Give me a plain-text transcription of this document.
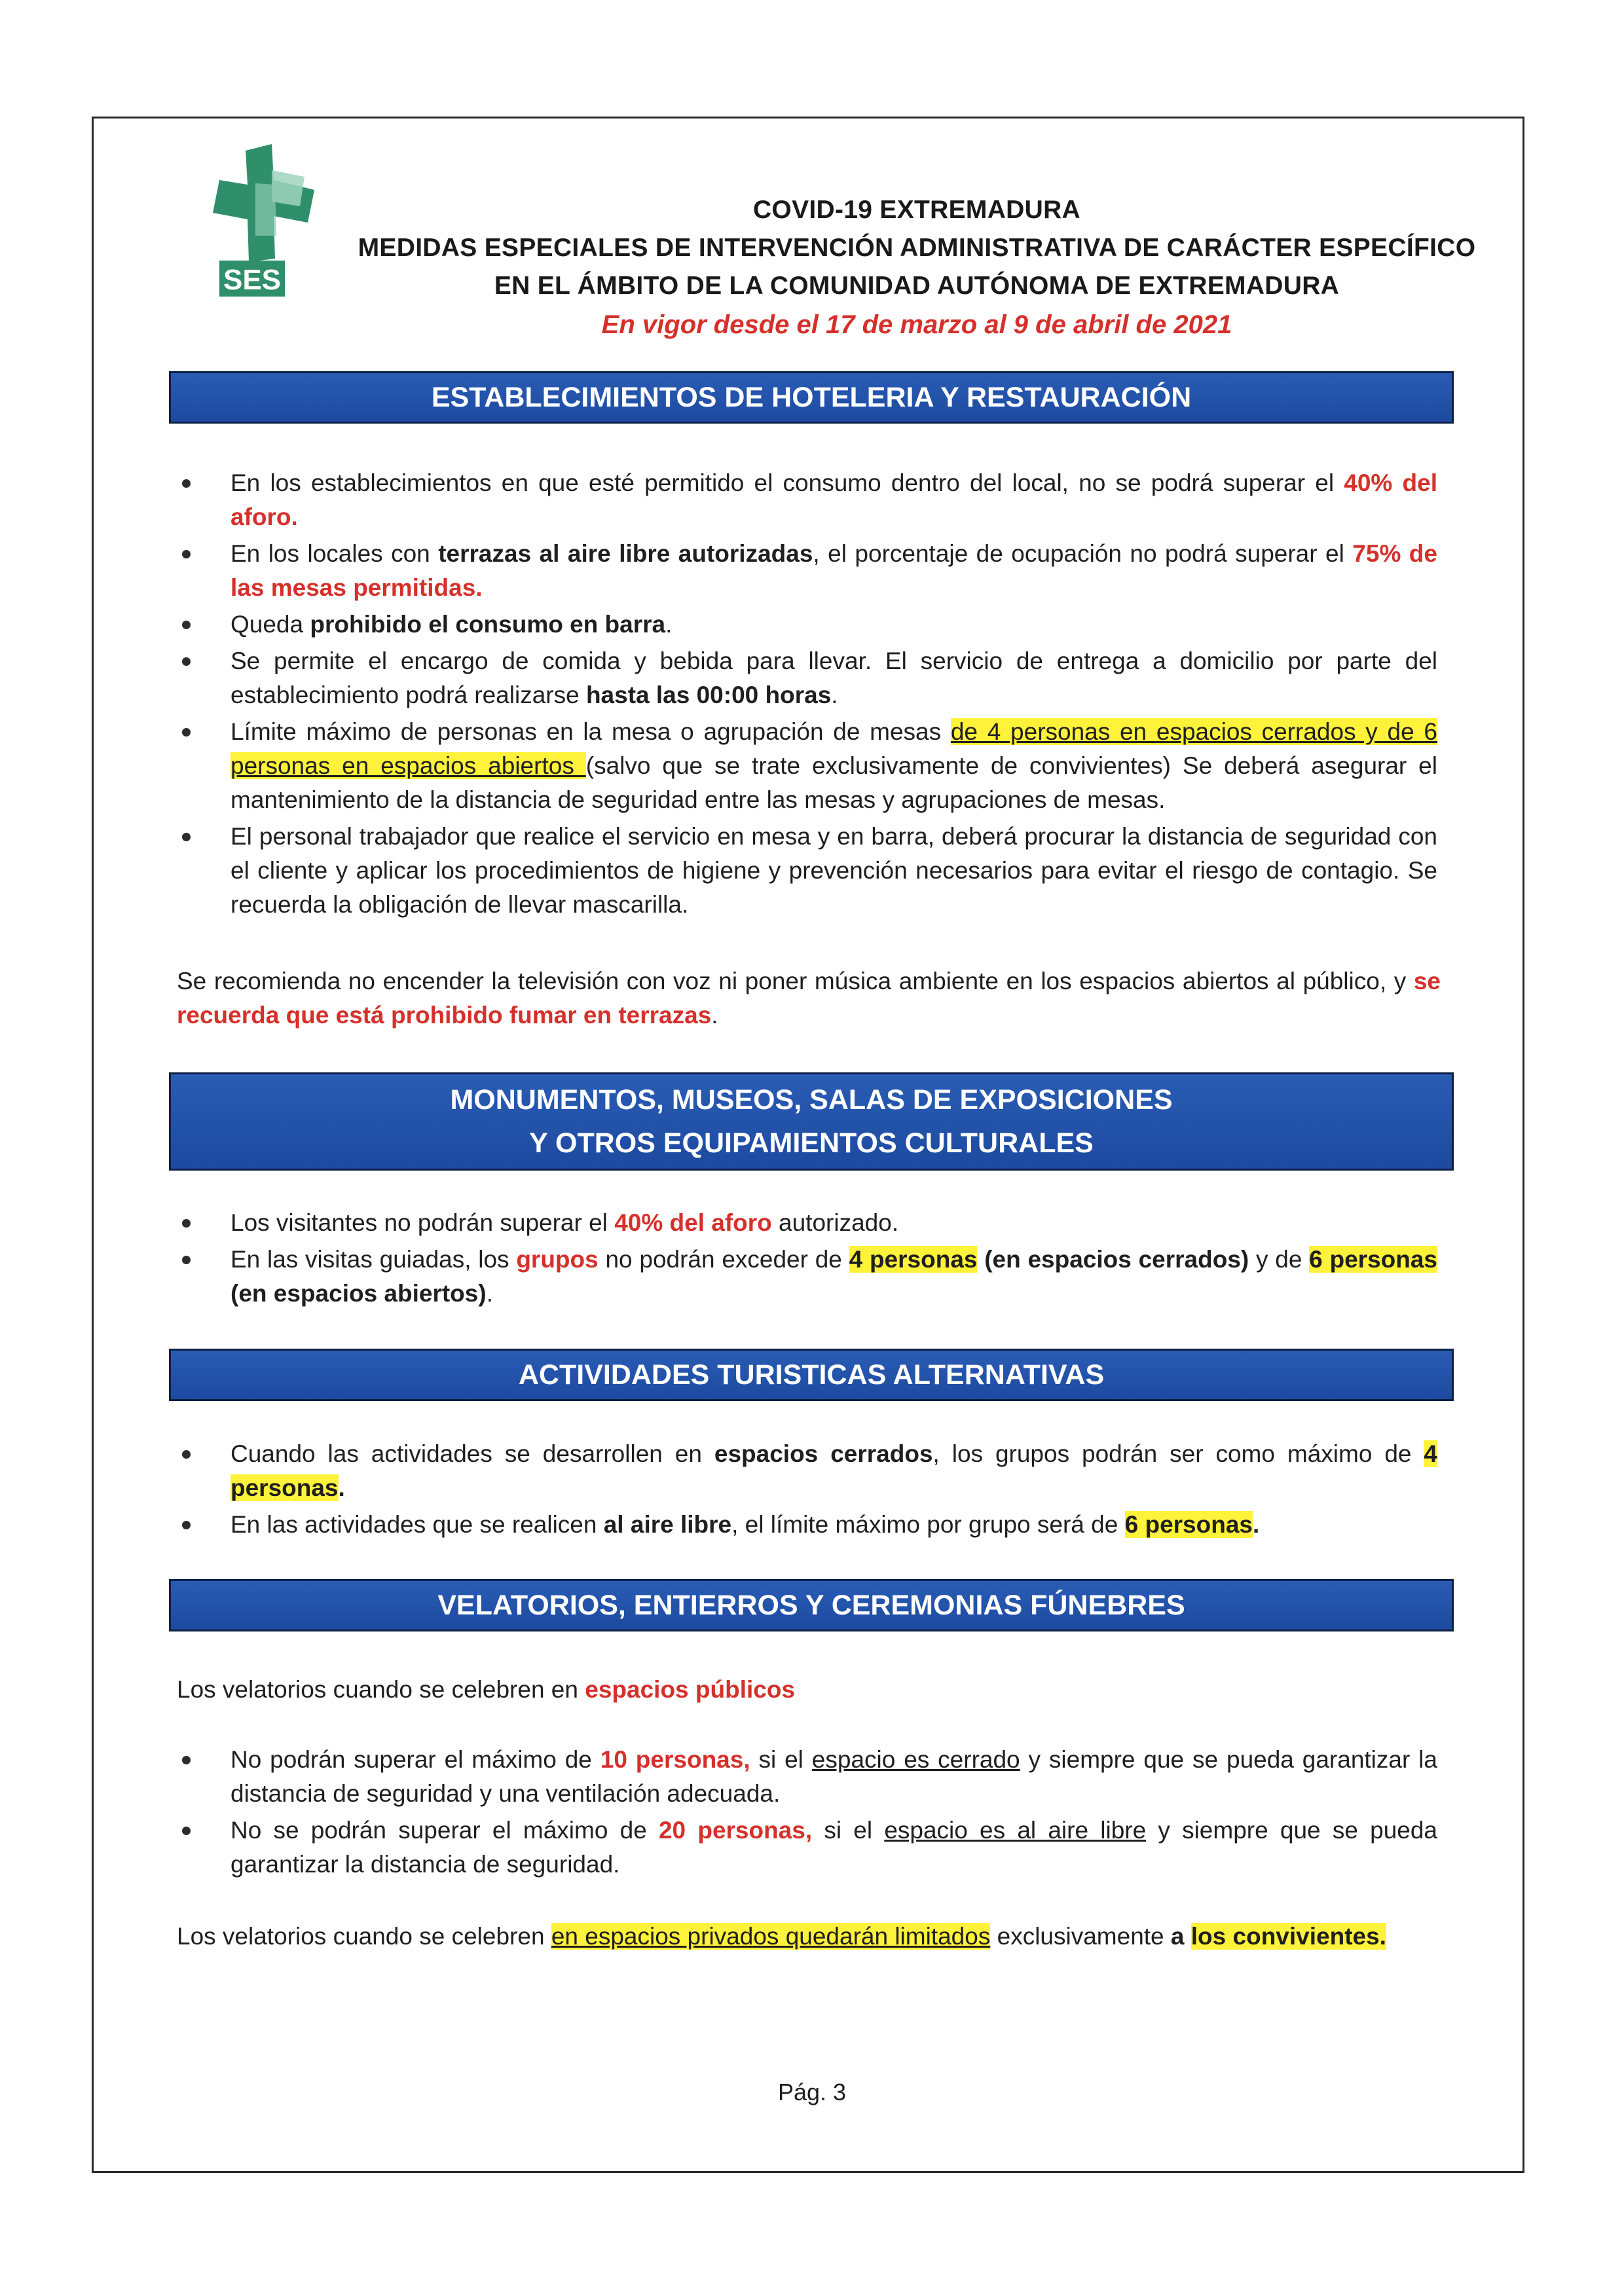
SES
COVID-19 EXTREMADURA
MEDIDAS ESPECIALES DE INTERVENCIÓN ADMINISTRATIVA DE CARÁCTER ESPECÍFICO
EN EL ÁMBITO DE LA COMUNIDAD AUTÓNOMA DE EXTREMADURA
En vigor desde el 17 de marzo al 9 de abril de 2021
ESTABLECIMIENTOS DE HOTELERIA Y RESTAURACIÓN
En los establecimientos en que esté permitido el consumo dentro del local, no se podrá superar el 40% del aforo.
En los locales con terrazas al aire libre autorizadas, el porcentaje de ocupación no podrá superar el 75% de las mesas permitidas.
Queda prohibido el consumo en barra.
Se permite el encargo de comida y bebida para llevar. El servicio de entrega a domicilio por parte del establecimiento podrá realizarse hasta las 00:00 horas.
Límite máximo de personas en la mesa o agrupación de mesas de 4 personas en espacios cerrados y de 6 personas en espacios abiertos (salvo que se trate exclusivamente de convivientes) Se deberá asegurar el mantenimiento de la distancia de seguridad entre las mesas y agrupaciones de mesas.
El personal trabajador que realice el servicio en mesa y en barra, deberá procurar la distancia de seguridad con el cliente y aplicar los procedimientos de higiene y prevención necesarios para evitar el riesgo de contagio. Se recuerda la obligación de llevar mascarilla.
Se recomienda no encender la televisión con voz ni poner música ambiente en los espacios abiertos al público, y se recuerda que está prohibido fumar en terrazas.
MONUMENTOS, MUSEOS, SALAS DE EXPOSICIONES
Y OTROS EQUIPAMIENTOS CULTURALES
Los visitantes no podrán superar el 40% del aforo autorizado.
En las visitas guiadas, los grupos no podrán exceder de 4 personas (en espacios cerrados) y de 6 personas (en espacios abiertos).
ACTIVIDADES TURISTICAS ALTERNATIVAS
Cuando las actividades se desarrollen en espacios cerrados, los grupos podrán ser como máximo de 4 personas.
En las actividades que se realicen al aire libre, el límite máximo por grupo será de 6 personas.
VELATORIOS, ENTIERROS Y CEREMONIAS FÚNEBRES
Los velatorios cuando se celebren en espacios públicos
No podrán superar el máximo de 10 personas, si el espacio es cerrado y siempre que se pueda garantizar la distancia de seguridad y una ventilación adecuada.
No se podrán superar el máximo de 20 personas, si el espacio es al aire libre y siempre que se pueda garantizar la distancia de seguridad.
Los velatorios cuando se celebren en espacios privados quedarán limitados exclusivamente a los convivientes.
Pág. 3
